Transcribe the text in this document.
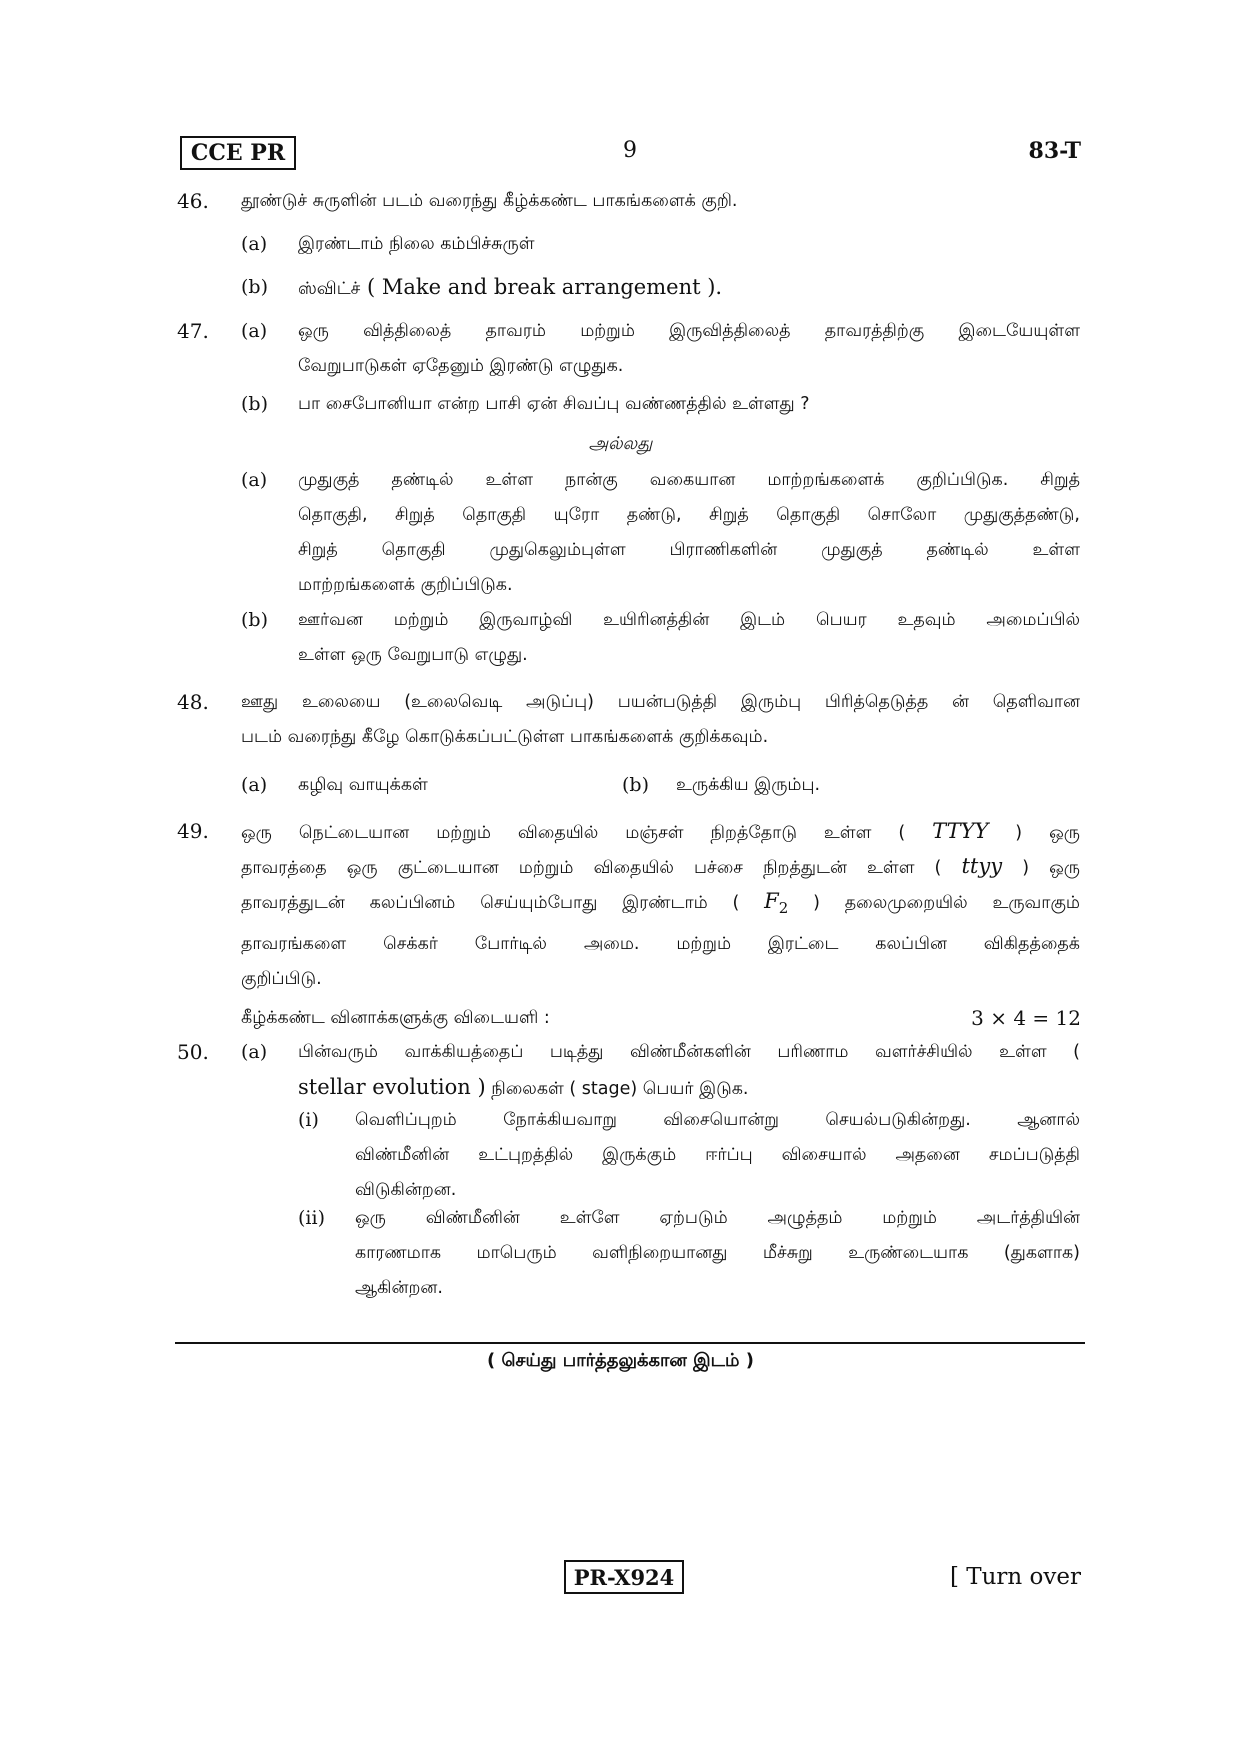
CCE PR	9	83-T
46. தூண்டுச் சுருளின் படம் வரைந்து கீழ்க்கண்ட பாகங்களைக் குறி.
(a) இரண்டாம் நிலை கம்பிச்சுருள்
(b) ஸ்விட்ச் ( Make and break arrangement ).
47. (a) ஒரு வித்திலைத் தாவரம் மற்றும் இருவித்திலைத் தாவரத்திற்கு இடையேயுள்ள
வேறுபாடுகள் ஏதேனும் இரண்டு எழுதுக.
(b) பா சைபோனியா என்ற பாசி ஏன் சிவப்பு வண்ணத்தில் உள்ளது ?
அல்லது
(a) முதுகுத் தண்டில் உள்ள நான்கு வகையான மாற்றங்களைக் குறிப்பிடுக. சிறுத்
தொகுதி, சிறுத் தொகுதி யுரோ தண்டு, சிறுத் தொகுதி சொலோ முதுகுத்தண்டு,
சிறுத் தொகுதி முதுகெலும்புள்ள பிராணிகளின் முதுகுத் தண்டில் உள்ள
மாற்றங்களைக் குறிப்பிடுக.
(b) ஊர்வன மற்றும் இருவாழ்வி உயிரினத்தின் இடம் பெயர உதவும் அமைப்பில்
உள்ள ஒரு வேறுபாடு எழுது.
48. ஊது உலையை (உலைவெடி அடுப்பு) பயன்படுத்தி இரும்பு பிரித்தெடுத்த ன் தெளிவான
படம் வரைந்து கீழே கொடுக்கப்பட்டுள்ள பாகங்களைக் குறிக்கவும்.
(a) கழிவு வாயுக்கள்	(b) உருக்கிய இரும்பு.
49. ஒரு நெட்டையான மற்றும் விதையில் மஞ்சள் நிறத்தோடு உள்ள ( TTYY ) ஒரு
தாவரத்தை ஒரு குட்டையான மற்றும் விதையில் பச்சை நிறத்துடன் உள்ள ( ttyy ) ஒரு
தாவரத்துடன் கலப்பினம் செய்யும்போது இரண்டாம் ( $F_2$ ) தலைமுறையில் உருவாகும்
தாவரங்களை செக்கர் போர்டில் அமை. மற்றும் இரட்டை கலப்பின விகிதத்தைக்
குறிப்பிடு.
கீழ்க்கண்ட வினாக்களுக்கு விடையளி :	3 × 4 = 12
50. (a) பின்வரும் வாக்கியத்தைப் படித்து விண்மீன்களின் பரிணாம வளர்ச்சியில் உள்ள (
stellar evolution ) நிலைகள் ( stage) பெயர் இடுக.
(i) வெளிப்புறம் நோக்கியவாறு விசையொன்று செயல்படுகின்றது. ஆனால்
விண்மீனின் உட்புறத்தில் இருக்கும் ஈர்ப்பு விசையால் அதனை சமப்படுத்தி
விடுகின்றன.
(ii) ஒரு விண்மீனின் உள்ளே ஏற்படும் அழுத்தம் மற்றும் அடர்த்தியின்
காரணமாக மாபெரும் வளிநிறையானது மீச்சுறு உருண்டையாக (துகளாக)
ஆகின்றன.
( செய்து பார்த்தலுக்கான இடம் )
PR-X924	[ Turn over
